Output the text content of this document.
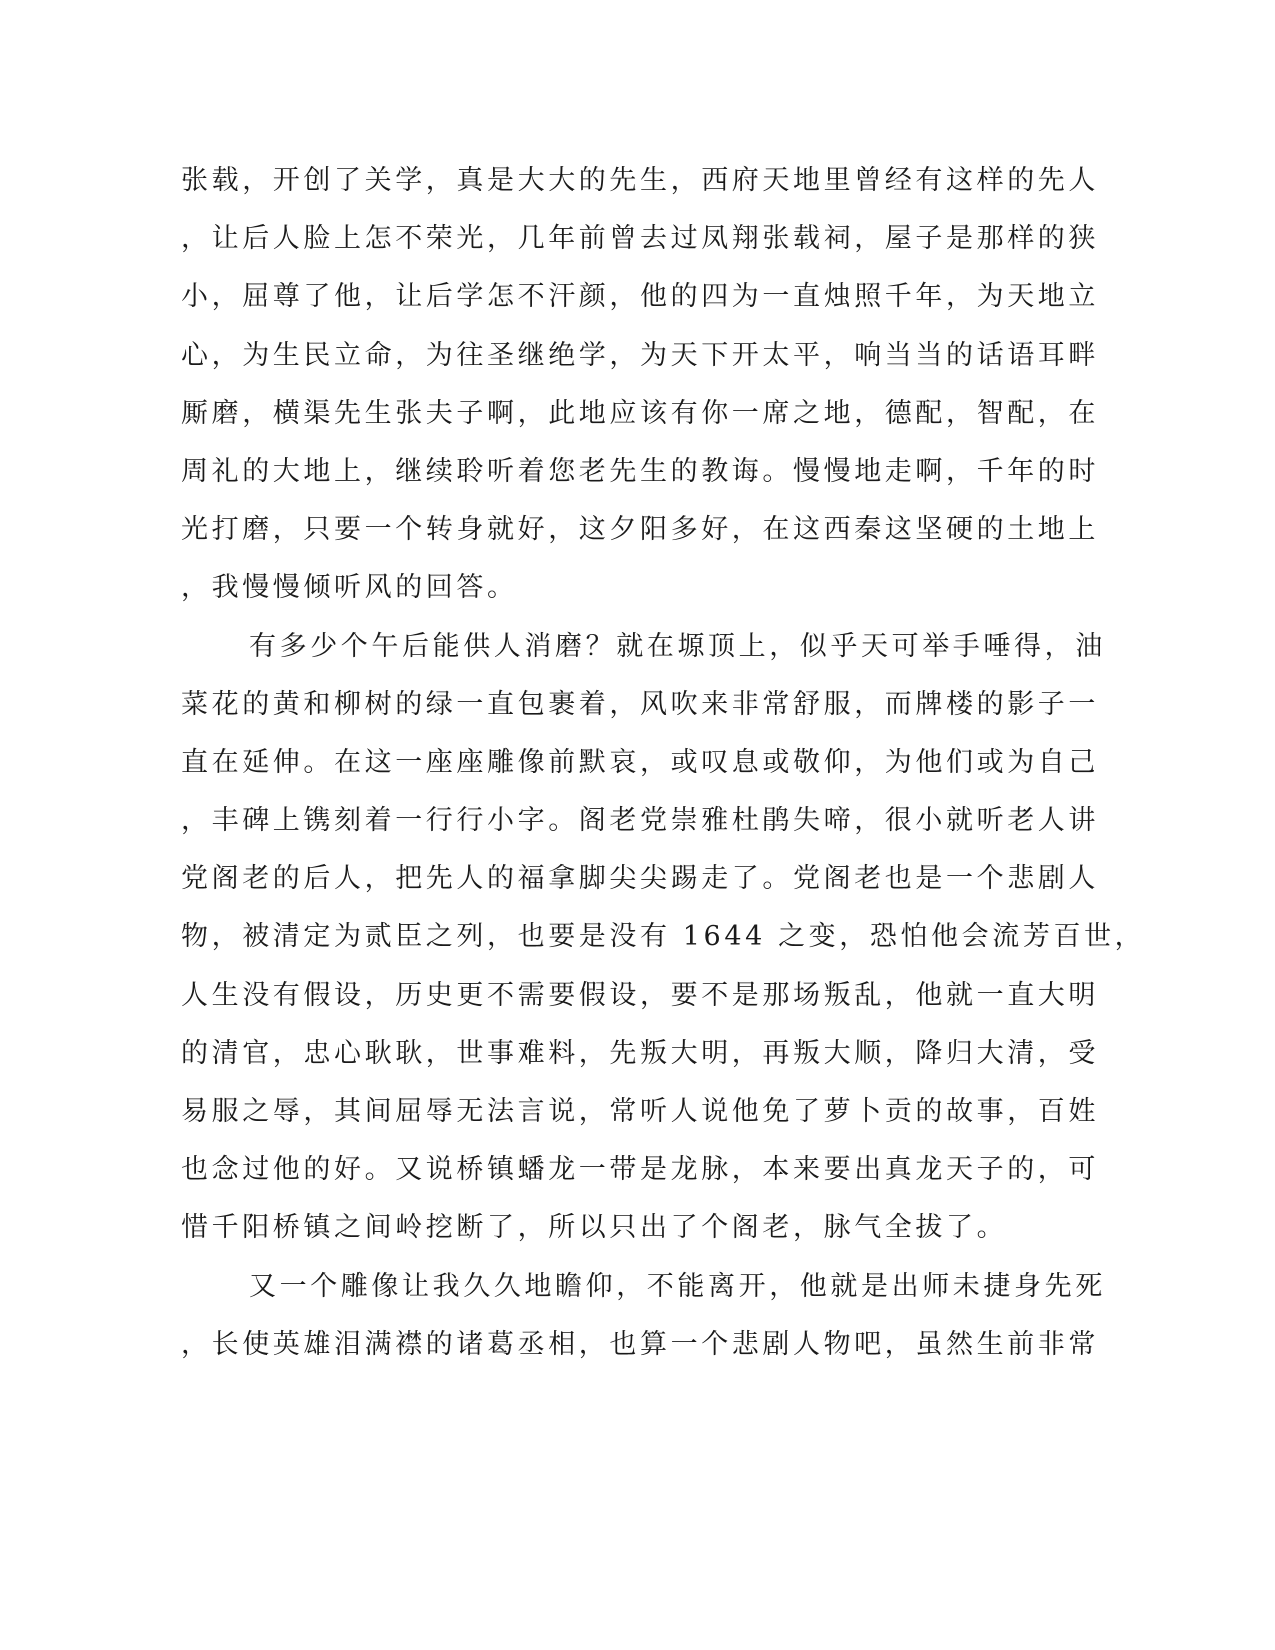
张载，开创了关学，真是大大的先生，西府天地里曾经有这样的先人
，让后人脸上怎不荣光，几年前曾去过凤翔张载祠，屋子是那样的狭
小，屈尊了他，让后学怎不汗颜，他的四为一直烛照千年，为天地立
心，为生民立命，为往圣继绝学，为天下开太平，响当当的话语耳畔
厮磨，横渠先生张夫子啊，此地应该有你一席之地，德配，智配，在
周礼的大地上，继续聆听着您老先生的教诲。慢慢地走啊，千年的时
光打磨，只要一个转身就好，这夕阳多好，在这西秦这坚硬的土地上
，我慢慢倾听风的回答。
有多少个午后能供人消磨？就在塬顶上，似乎天可举手唾得，油
菜花的黄和柳树的绿一直包裹着，风吹来非常舒服，而牌楼的影子一
直在延伸。在这一座座雕像前默哀，或叹息或敬仰，为他们或为自己
，丰碑上镌刻着一行行小字。阁老党崇雅杜鹃失啼，很小就听老人讲
党阁老的后人，把先人的福拿脚尖尖踢走了。党阁老也是一个悲剧人
物，被清定为贰臣之列，也要是没有 1644 之变，恐怕他会流芳百世，
人生没有假设，历史更不需要假设，要不是那场叛乱，他就一直大明
的清官，忠心耿耿，世事难料，先叛大明，再叛大顺，降归大清，受
易服之辱，其间屈辱无法言说，常听人说他免了萝卜贡的故事，百姓
也念过他的好。又说桥镇蟠龙一带是龙脉，本来要出真龙天子的，可
惜千阳桥镇之间岭挖断了，所以只出了个阁老，脉气全拔了。
又一个雕像让我久久地瞻仰，不能离开，他就是出师未捷身先死
，长使英雄泪满襟的诸葛丞相，也算一个悲剧人物吧，虽然生前非常
